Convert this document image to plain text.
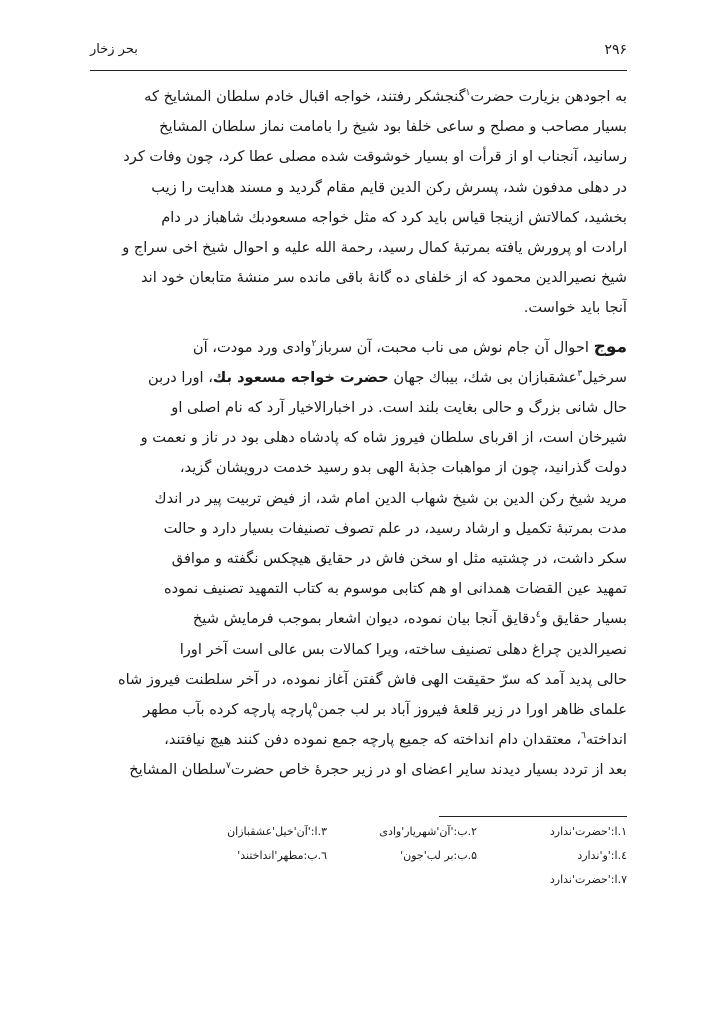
۲۹۶
بحر زخار

به اجودهن بزیارت حضرت$^۱$گنجشکر رفتند، خواجه اقبال خادم سلطان المشایخ که
بسیار مصاحب و مصلح و ساعی خلفا بود شیخ را بامامت نماز سلطان المشایخ
رسانید، آنجناب او از قرأت او بسیار خوشوقت شده مصلی عطا کرد، چون وفات کرد
در دهلی مدفون شد، پسرش رکن الدین قایم مقام گردید و مسند هدایت را زیب
بخشید، کمالاتش ازینجا قیاس باید کرد که مثل خواجه مسعودبك شاهباز در دام
ارادت او پرورش یافته بمرتبهٔ کمال رسید، رحمة الله علیه و احوال شیخ اخی سراج و
شیخ نصیرالدین محمود که از خلفای ده گانهٔ باقی مانده سر منشهٔ متابعان خود اند
آنجا باید خواست.

موج احوال آن جام نوش می ناب محبت، آن سرباز$^۲$وادی ورد مودت، آن
سرخیل$^۳$عشقبازان بی شك، بیباك جهان حضرت خواجه مسعود بك، اورا دربن
حال شانی بزرگ و حالی بغایت بلند است. در اخبارالاخیار آرد که نام اصلی او
شیرخان است، از اقربای سلطان فیروز شاه که پادشاه دهلی بود در ناز و نعمت و
دولت گذرانید، چون از مواهبات جذبهٔ الهی بدو رسید خدمت درویشان گزید،
مرید شیخ رکن الدین بن شیخ شهاب الدین امام شد، از فیض تربیت پیر در اندك
مدت بمرتبهٔ تکمیل و ارشاد رسید، در علم تصوف تصنیفات بسیار دارد و حالت
سکر داشت، در چشتیه مثل او سخن فاش در حقایق هیچکس نگفته و موافق
تمهید عین القضات همدانی او هم کتابی موسوم به کتاب التمهید تصنیف نموده
بسیار حقایق و$^٤$دقایق آنجا بیان نموده، دیوان اشعار بموجب فرمایش شیخ
نصیرالدین چراغ دهلی تصنیف ساخته، ویرا کمالات بس عالی است آخر اورا
حالی پدید آمد که سرّ حقیقت الهی فاش گفتن آغاز نموده، در آخر سلطنت فیروز شاه
علمای ظاهر اورا در زیر قلعهٔ فیروز آباد بر لب جمن$^۵$پارچه پارچه کرده بآب مطهر
انداخته$^٦$، معتقدان دام انداخته که جمیع پارچه جمع نموده دفن کنند هیچ نیافتند،
بعد از تردد بسیار دیدند سایر اعضای او در زیر حجرهٔ خاص حضرت$^۷$سلطان المشایخ

۱.ا:'حضرت'ندارد
۲.ب:'آن'شهریار'وادی
۳.ا:'آن'خیل'عشقبازان
٤.ا:'و'ندارد
۵.ب:بر لب'جون'
٦.ب:مطهر'انداختند'
۷.ا:'حضرت'ندارد
